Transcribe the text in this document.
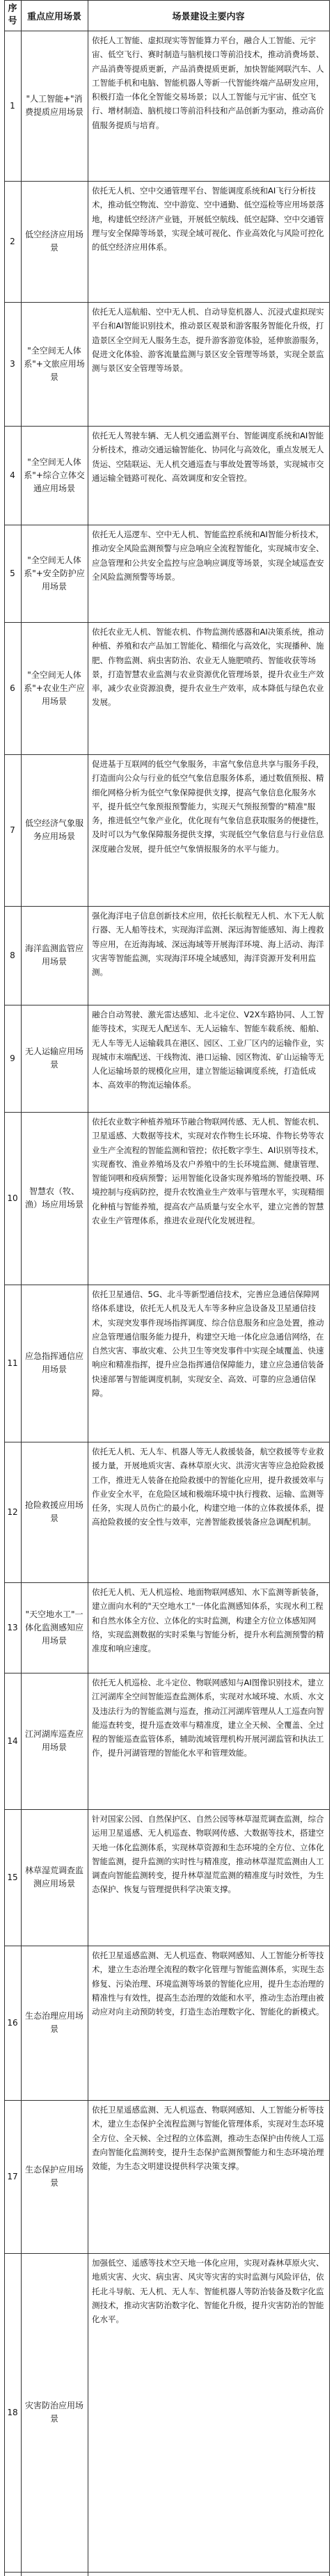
序号	重点应用场景	场景建设主要内容
1
"人工智能+"消费提质应用场景
依托人工智能、虚拟现实等智能算力平台，融合人工智能、元宇宙、低空飞行、赛时制造与脑机接口等前沿技术，推动消费场景、产品消费等提质更新，产品消费提质更新，加快智能网联汽车、人工智能手机和电脑、智能机器人等新一代智能终端产品研发应用，积极打造一体化全智能交易场景；以人工智能与元宇宙、低空飞行、增材制造、脑机接口等前沿科技和产品创新为驱动，推动高价值服务提质与培育。
2
低空经济应用场景
依托无人机、空中交通管理平台、智能调度系统和AI飞行分析技术，推动低空物流、空中游览、空中通勤、低空巡检等应用场景落地，构建低空经济产业链，开展低空航线、低空起降、空中交通管理与安全保障等场景，实现全域可视化、作业高效化与风险可控化的低空经济应用体系。
3
"全空间无人体系"+文旅应用场景
依托无人巡航船、空中无人机、自动导览机器人、沉浸式虚拟现实平台和AI智能识别技术，推动景区观景和游客服务智能化升级，打造景区全空间无人服务生态，提升游客游览体验，延伸旅游服务，促进文化体验、游客流量监测与景区安全管理等场景，实现全景监测与景区安全管理等场景。
4
"全空间无人体系"+综合立体交通应用场景
依托无人驾驶车辆、无人机交通监测平台、智能调度系统和AI智能分析技术，推动交通运输智能化、协同化与高效化，重点发展无人货运、空陆联运、无人机交通巡查与事故处置等场景，实现城市交通运输全链路可视化、高效调度和安全管控。
5
"全空间无人体系"+安全防护应用场景
依托无人巡逻车、空中无人机、智能监控系统和AI智能分析技术，推动安全风险监测预警与应急响应全流程智能化，实现城市安全、应急管理和公共安全监控与应急响应调度等场景，实现全域巡查安全风险监测预警等场景。
6
"全空间无人体系"+农业生产应用场景
依托农业无人机、智能农机、作物监测传感器和AI决策系统，推动种植、养殖和农产品加工智能化、精细化与高效化，实现播种、施肥、作物监测、病虫害防治、农业无人施肥喷药、智能收获等场景，打造智慧农业监测与农业资源优化管理场景，提升农业生产效率，减少农业资源浪费，提升农业生产效率，成本降低与绿色农业发展。
7
低空经济气象服务应用场景
促进基于互联网的低空气象服务，丰富气象信息共享与服务手段，打造面向公众与行业的低空气象信息服务体系，通过数值预报、精细化网格分析为低空气象保障提供支撑，提高气象信息化服务水平，提升低空气象预报预警能力，实现天气预报预警的"精准"服务，推进低空气象产业化，优化现有气象信息获取服务的便捷性，及时可以为气象保障服务提供支撑，实现低空气象信息与行业信息深度融合发展，提升低空气象情报服务的水平与能力。
8
海洋监测监管应用场景
强化海洋电子信息创新技术应用，依托长航程无人机、水下无人航行器、无人船等技术，实现海洋监测、深远海智能感知、海上搜救等应用，在近海海域、深远海域等开展海洋环境、海上活动、海洋灾害等智能监测，实现海洋环境全域感知，海洋资源开发利用监测。
9
无人运输应用场景
融合自动驾驶、激光雷达感知、北斗定位、V2X车路协同、人工智能等技术，实现无人配送车、无人运输车、智能车载系统、船舶、无人车等无人运输载具在港区、园区、工业厂区内的运输作业，实现城市末端配送、干线物流、港口运输、园区物流、矿山运输等无人化运输场景的规模化应用，建立智能运输调度系统，打造低成本、高效率的物流运输体系。
10
智慧农（牧、渔）场应用场景
依托农业数字种植养殖环节融合物联网传感、无人机、智能农机、卫星遥感、大数据等技术，实现对农作物生长环境、作物长势等农业生产全流程的智能监测和管控；依托数字孪生、AI识别等技术，实现畜牧、渔业养殖场及农户养殖中的生长环境监测、健康管理、智能饲喂和疫病预警；运用智能化设备实现养殖场的智能投喂、环境控制与疫病防控，提升农牧渔业生产效率与管理水平，实现精细化种植与智能养殖，提高农产品质量与安全水平，建立完善的智慧农业生产管理体系，推进农业现代化发展进程。
11
应急指挥通信应用场景
依托卫星通信、5G、北斗等新型通信技术，完善应急通信保障网络体系建设，依托无人机及无人车等多种应急设备及卫星通信技术，实现突发事件现场指挥调度、综合信息服务和应急处置，推动应急管理通信服务能力提升，构建空天地一体化应急通信网络，在自然灾害、事故灾难、公共卫生等突发事件中实现全域覆盖、快速响应和精准指挥，提升应急指挥通信保障能力，建立应急通信装备快速部署与智能调度机制，实现安全、高效、可靠的应急通信保障。
12
抢险救援应用场景
依托无人机、无人车、机器人等无人救援装备，航空救援等专业救援力量，开展地质灾害、森林草原火灾、洪涝灾害等应急抢险救援工作，推进无人装备在抢险救援中的智能化应用，提升救援效率与作业安全水平，在危险区域和极端环境中执行搜救、运输、监测等任务，实现人员伤亡的最小化，构建空地一体的立体救援体系，提高抢险救援的安全性与效率，完善智能救援装备应急调配机制。
13
"天空地水工"一体化监测感知应用场景
依托无人机、无人机巡检、地面物联网感知、水下监测等新装备，建立面向水利的"天空地水工"一体化监测感知体系，实现水利工程和自然水体全方位、立体化的实时监测，构建全方位立体感知网络，实现监测数据的实时采集与智能分析，提升水利监测预警的精准度和响应速度。
14
江河湖库巡查应用场景
依托无人机巡检、北斗定位、物联网感知与AI图像识别技术，建立江河湖库全空间智能巡查监测体系，实现对水域环境、水质、水文及违法行为的智能监测与巡查，推动江河湖库管理从人工巡查向智能巡查转变，提升巡查效率与精准度，建立全天候、全覆盖、全过程的智能巡查监管体系，辅助流域管理机构开展河湖监管和执法工作，提升河湖管理的智能化水平和管理效能。
15
林草湿荒调查监测应用场景
针对国家公园、自然保护区、自然公园等林草湿荒调查监测，综合运用卫星遥感、无人机巡查、物联网传感、大数据等技术，搭建空天地一体化监测体系，实现林草资源和生态环境的全方位、立体化智能监测，提升监测的实时性与精准度，推动林草湿荒监测由人工调查向智能监测转变，提升林草湿荒监测的精准度与时效性，为生态保护、恢复与管理提供科学决策支撑。
16
生态治理应用场景
依托卫星遥感监测、无人机巡查、物联网感知、人工智能分析等技术，建立生态治理全流程的数字化管理与智能监测体系，实现生态修复、污染治理、环境监测等场景的智能化应用，提升生态治理的精准性与有效性，提高生态治理的效能和水平，推动生态治理由被动应对向主动预防转变，打造生态治理数字化、智能化的新模式。
17
生态保护应用场景
依托卫星遥感监测、无人机巡查、物联网感知、人工智能分析等技术，建立生态保护全流程监测与智能化管理体系，实现对生态环境全方位、全天候、全过程的立体监测，推动生态保护由传统人工巡查向智能化监测转变，提升生态保护监测预警能力和生态环境治理效能，为生态文明建设提供科学决策支撑。
18
灾害防治应用场景
加强低空、遥感等技术空天地一体化应用，实现对森林草原火灾、地质灾害、火灾、病虫害、风灾等灾害的实时监测与风险评估，依托北斗导航、无人机、无人车、智能机器人等防治装备及数字化监测技术，推动灾害防治数字化、智能化升级，提升灾害防治的智能化水平。
